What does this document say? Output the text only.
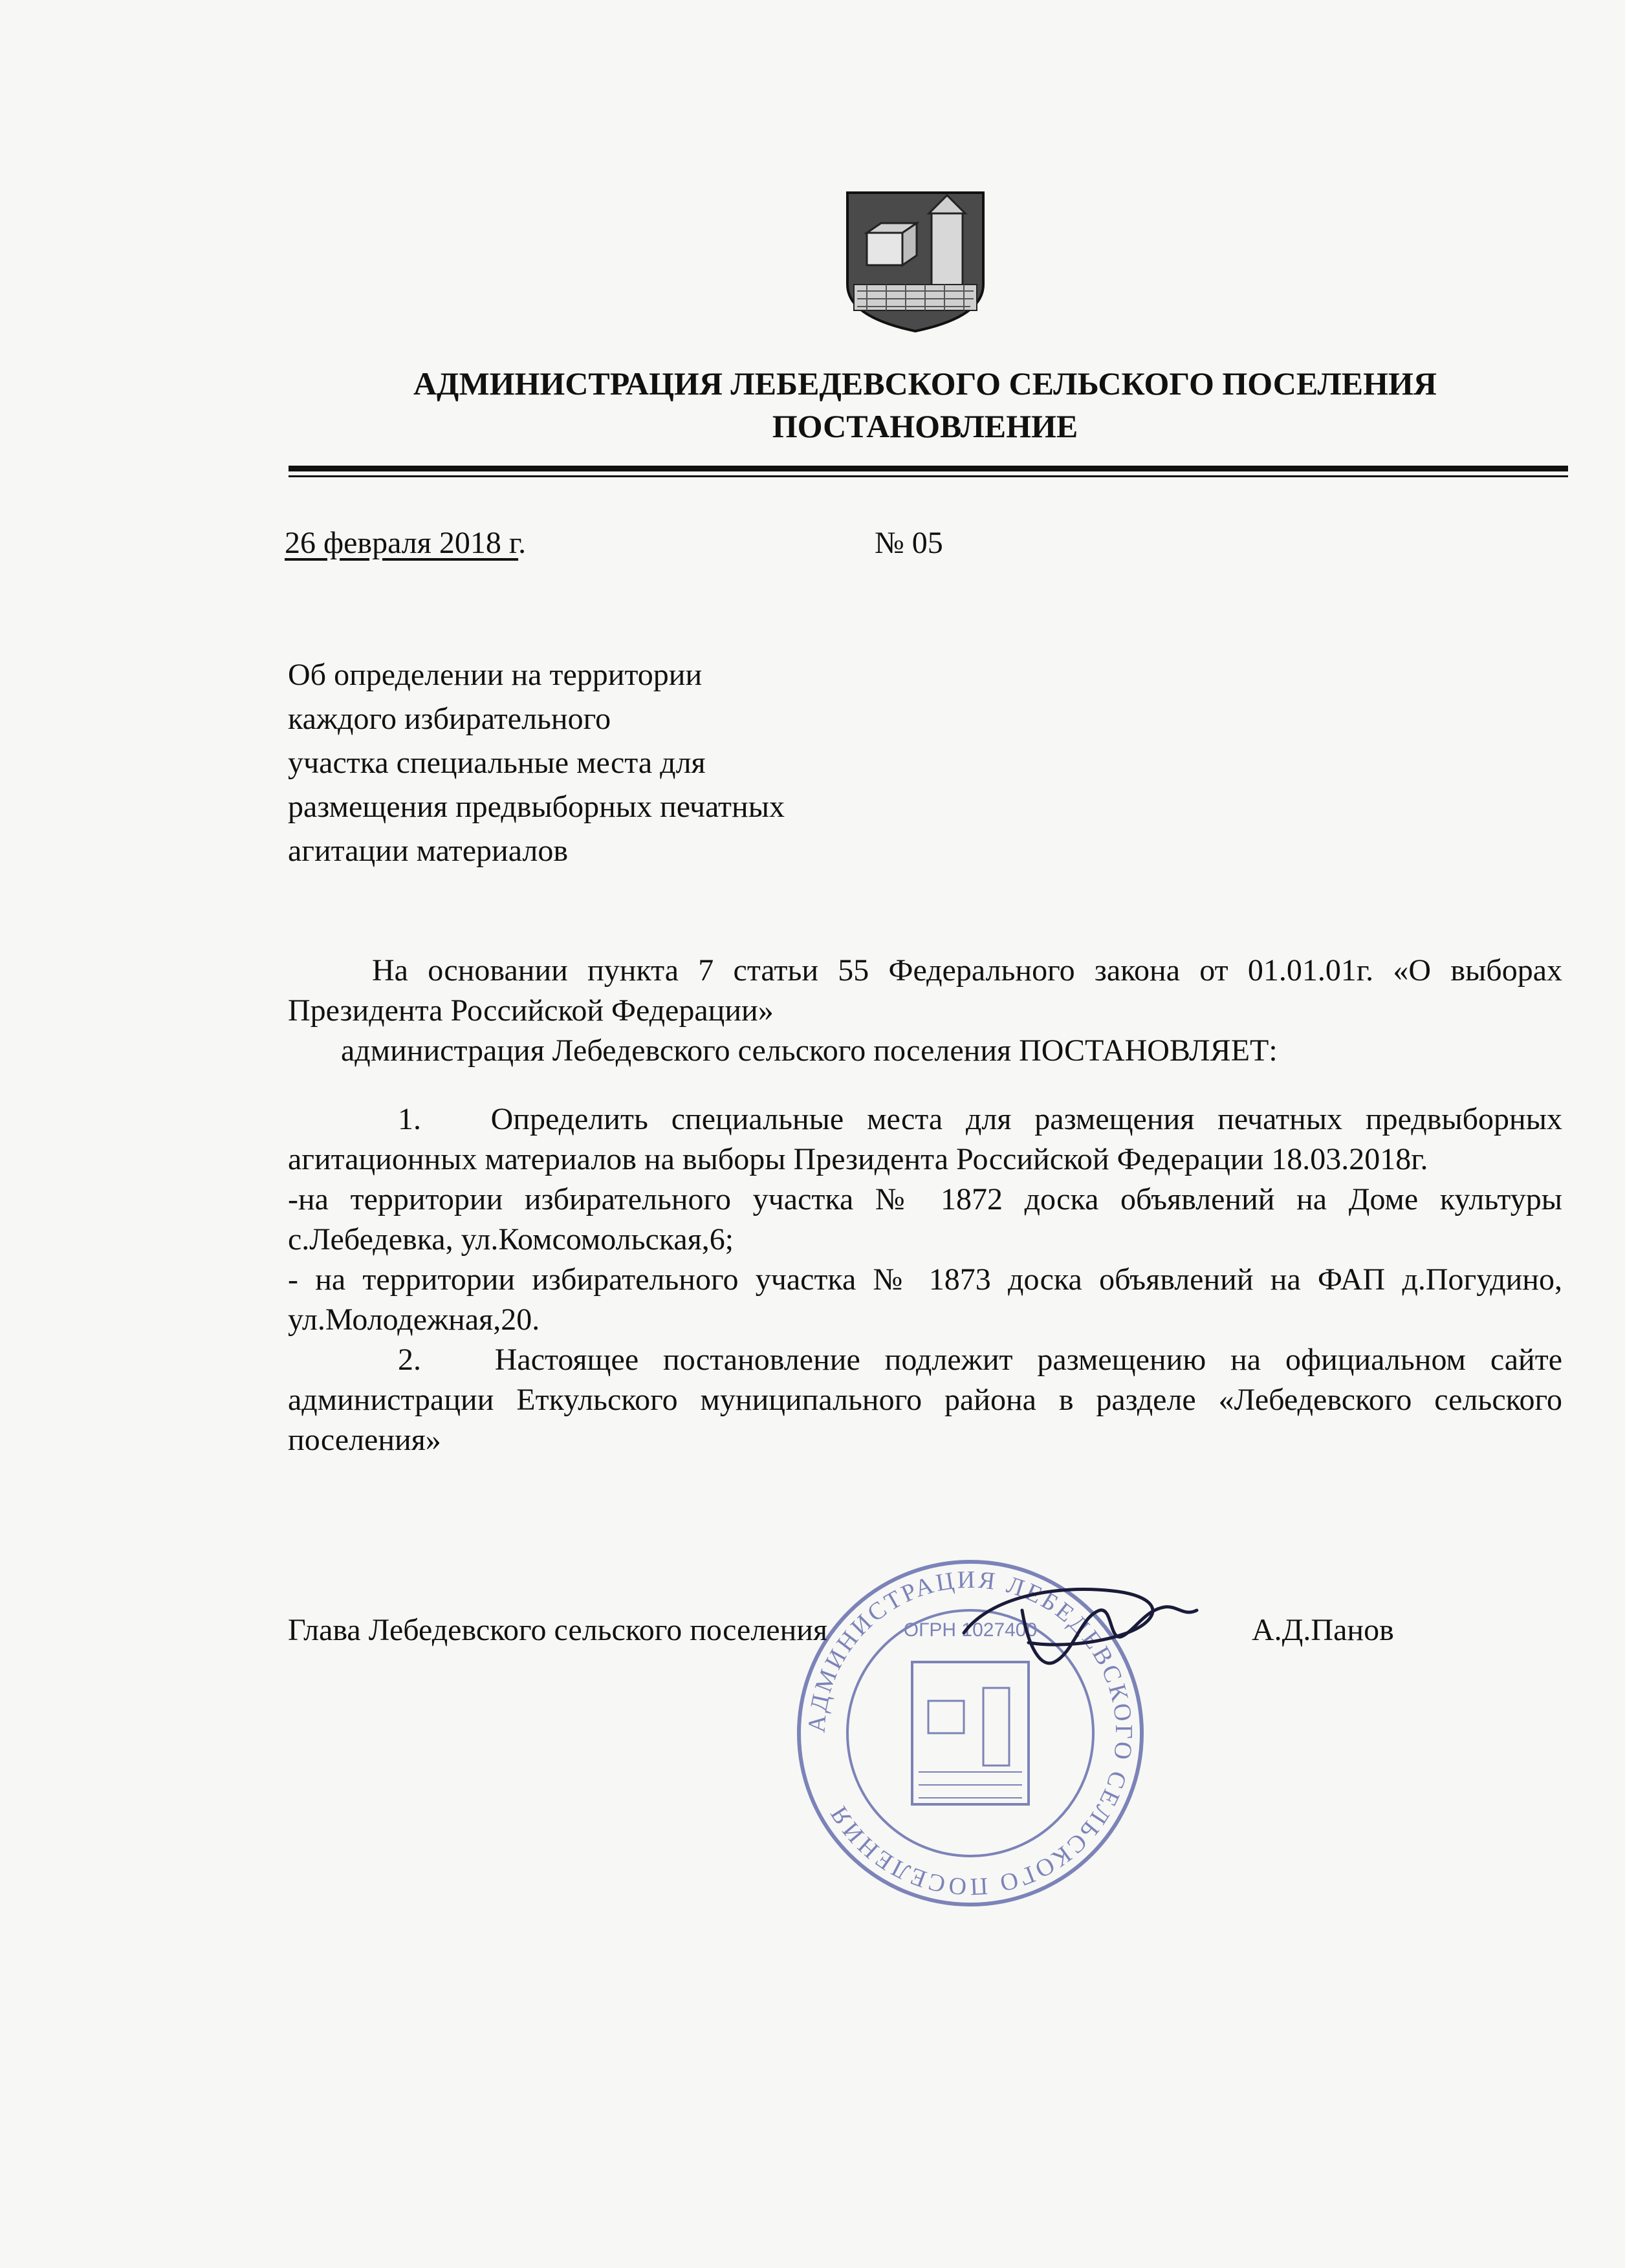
АДМИНИСТРАЦИЯ ЛЕБЕДЕВСКОГО СЕЛЬСКОГО ПОСЕЛЕНИЯ
ПОСТАНОВЛЕНИЕ
26 февраля 2018 г.	№ 05
Об определении на территории
каждого избирательного
участка специальные места для
размещения предвыборных печатных
агитации материалов

На основании пункта 7 статьи 55 Федерального закона от 01.01.01г. «О выборах Президента Российской Федерации»

администрация Лебедевского сельского поселения ПОСТАНОВЛЯЕТ:

1.   Определить специальные места для размещения печатных предвыборных агитационных материалов на выборы Президента Российской Федерации 18.03.2018г.

-на территории избирательного участка № 1872 доска объявлений на Доме культуры с.Лебедевка, ул.Комсомольская,6;

- на территории избирательного участка № 1873 доска объявлений на ФАП д.Погудино, ул.Молодежная,20.

2.   Настоящее постановление подлежит размещению на официальном сайте администрации Еткульского муниципального района в разделе «Лебедевского сельского поселения»

АДМИНИСТРАЦИЯ ЛЕБЕДЕВСКОГО СЕЛЬСКОГО ПОСЕЛЕНИЯ
ОГРН 1027400
Глава Лебедевского сельского поселения	А.Д.Панов
